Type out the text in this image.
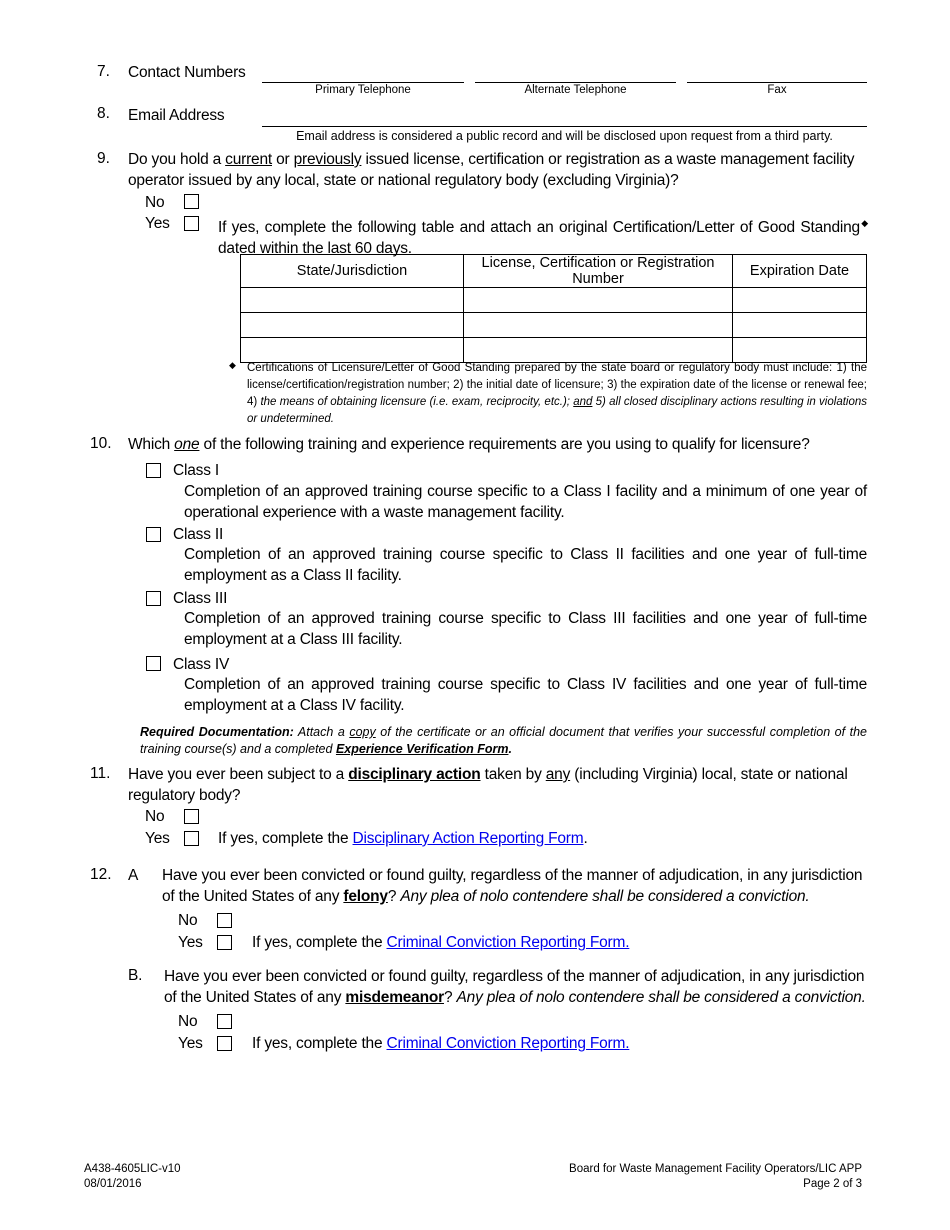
7. Contact Numbers
Primary Telephone	Alternate Telephone	Fax
8. Email Address
Email address is considered a public record and will be disclosed upon request from a third party.
9. Do you hold a current or previously issued license, certification or registration as a waste management facility operator issued by any local, state or national regulatory body (excluding Virginia)?
No
Yes	If yes, complete the following table and attach an original Certification/Letter of Good Standing◆ dated within the last 60 days.
State/Jurisdiction	License, Certification or Registration Number	Expiration Date

◆ Certifications of Licensure/Letter of Good Standing prepared by the state board or regulatory body must include: 1) the license/certification/registration number; 2) the initial date of licensure; 3) the expiration date of the license or renewal fee; 4) the means of obtaining licensure (i.e. exam, reciprocity, etc.); and 5) all closed disciplinary actions resulting in violations or undetermined.
10. Which one of the following training and experience requirements are you using to qualify for licensure?
Class I
Completion of an approved training course specific to a Class I facility and a minimum of one year of operational experience with a waste management facility.
Class II
Completion of an approved training course specific to Class II facilities and one year of full-time employment as a Class II facility.
Class III
Completion of an approved training course specific to Class III facilities and one year of full-time employment at a Class III facility.
Class IV
Completion of an approved training course specific to Class IV facilities and one year of full-time employment at a Class IV facility.
Required Documentation: Attach a copy of the certificate or an official document that verifies your successful completion of the training course(s) and a completed Experience Verification Form.
11. Have you ever been subject to a disciplinary action taken by any (including Virginia) local, state or national regulatory body?
No
Yes	If yes, complete the Disciplinary Action Reporting Form.
12. A Have you ever been convicted or found guilty, regardless of the manner of adjudication, in any jurisdiction of the United States of any felony? Any plea of nolo contendere shall be considered a conviction.
No
Yes	If yes, complete the Criminal Conviction Reporting Form.
B. Have you ever been convicted or found guilty, regardless of the manner of adjudication, in any jurisdiction of the United States of any misdemeanor? Any plea of nolo contendere shall be considered a conviction.
No
Yes	If yes, complete the Criminal Conviction Reporting Form.
A438-4605LIC-v10
08/01/2016
Board for Waste Management Facility Operators/LIC APP
Page 2 of 3
